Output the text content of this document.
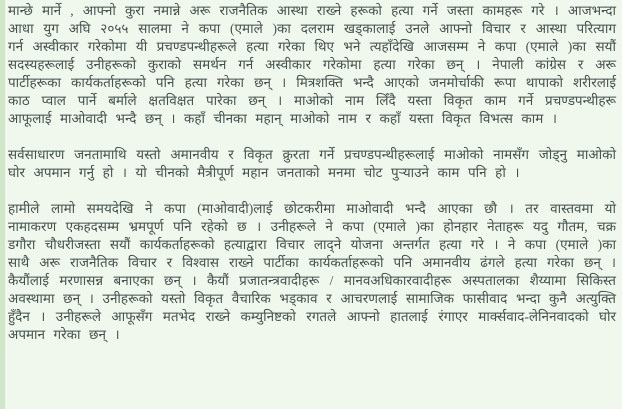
मान्छे मार्ने , आफ्नो कुरा नमान्ने अरू राजनैतिक आस्था राख्ने हरूको हत्या गर्ने जस्ता कामहरू गरे । आजभन्दा आधा युग अघि २०५५ सालमा ने कपा (एमाले )का दलराम खड्कालाई उनले आफ्नो विचार र आस्था परित्याग गर्न अस्वीकार गरेकोमा यी प्रचण्डपन्थीहरूले हत्या गरेका थिए भने त्यहाँदेखि आजसम्म ने कपा (एमाले )का सयौं सदस्यहरूलाई उनीहरूको कुराको समर्थन गर्न अस्वीकार गरेकोमा हत्या गरेका छन् । नेपाली कांग्रेस र अरू पार्टीहरूका कार्यकर्ताहरूको पनि हत्या गरेका छन् । मित्रशक्ति भन्दै आएको जनमोर्चाकी रूपा थापाको शरीरलाई काठ प्वाल पार्ने बर्माले क्षतविक्षत पारेका छन् । माओको नाम लिँदै यस्ता विकृत काम गर्ने प्रचण्डपन्थीहरू आफूलाई माओवादी भन्दै छन् । कहाँ चीनका महान् माओको नाम र कहाँ यस्ता विकृत विभत्स काम ।

सर्वसाधारण जनतामाथि यस्तो अमानवीय र विकृत क्रुरता गर्ने प्रचण्डपन्थीहरूलाई माओको नामसँग जोड्नु माओको घोर अपमान गर्नु हो । यो चीनको मैत्रीपूर्ण महान जनताको मनमा चोट पुर्‍याउने काम पनि हो ।

हामीले लामो समयदेखि ने कपा (माओवादी)लाई छोटकरीमा माओवादी भन्दै आएका छौ । तर वास्तवमा यो नामाकरण एकहदसम्म भ्रमपूर्ण पनि रहेको छ । उनीहरूले ने कपा (एमाले )का होनहार नेताहरू यदु गौतम, चक्र डगौरा चौधरीजस्ता सयौं कार्यकर्ताहरूको हत्याद्वारा विचार लाद्ने योजना अन्तर्गत हत्या गरे । ने कपा (एमाले )का साथै अरू राजनैतिक विचार र विश्वास राख्ने पार्टीका कार्यकर्ताहरूको पनि अमानवीय ढंगले हत्या गरेका छन् । कैयौंलाई मरणासन्न बनाएका छन् । कैयौं प्रजातन्त्रवादीहरू / मानवअधिकारवादीहरू अस्पतालका शैय्यामा सिकिस्त अवस्थामा छन् । उनीहरूको यस्तो विकृत वैचारिक भड्काव र आचरणलाई सामाजिक फासीवाद भन्दा कुनै अत्युक्ति हुँदैन । उनीहरूले आफूसँग मतभेद राख्ने कम्युनिष्टको रगतले आफ्नो हातलाई रंगाएर मार्क्सवाद-लेनिनवादको घोर अपमान गरेका छन् ।
